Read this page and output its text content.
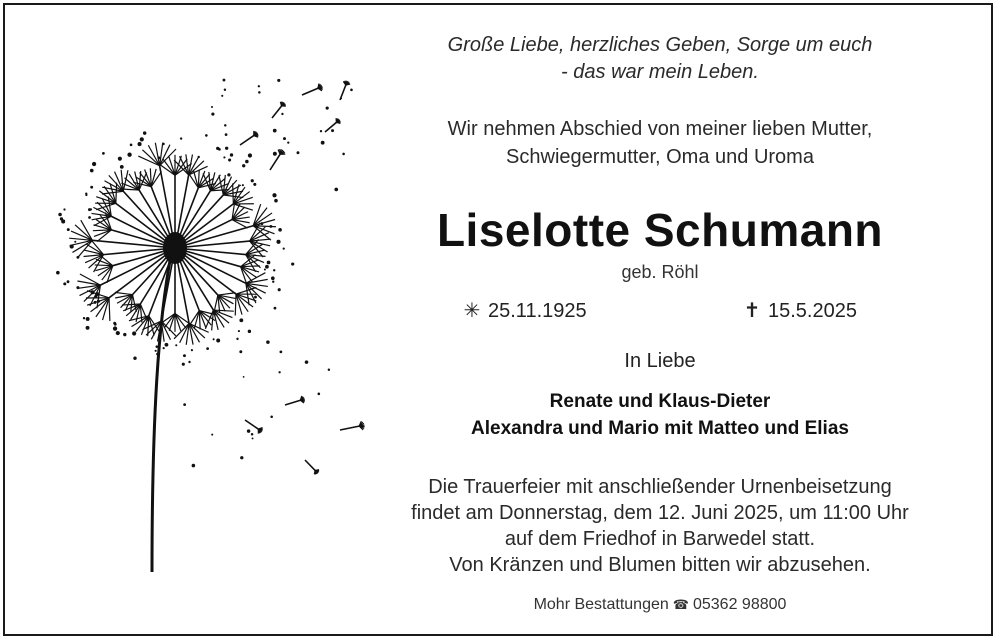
Große Liebe, herzliches Geben, Sorge um euch
- das war mein Leben.
Wir nehmen Abschied von meiner lieben Mutter,
Schwiegermutter, Oma und Uroma
Liselotte Schumann
geb. Röhl
✳ 25.11.1925	✝ 15.5.2025
In Liebe
Renate und Klaus-Dieter
Alexandra und Mario mit Matteo und Elias
Die Trauerfeier mit anschließender Urnenbeisetzung
findet am Donnerstag, dem 12. Juni 2025, um 11:00 Uhr
auf dem Friedhof in Barwedel statt.
Von Kränzen und Blumen bitten wir abzusehen.
Mohr Bestattungen ☎ 05362 98800
